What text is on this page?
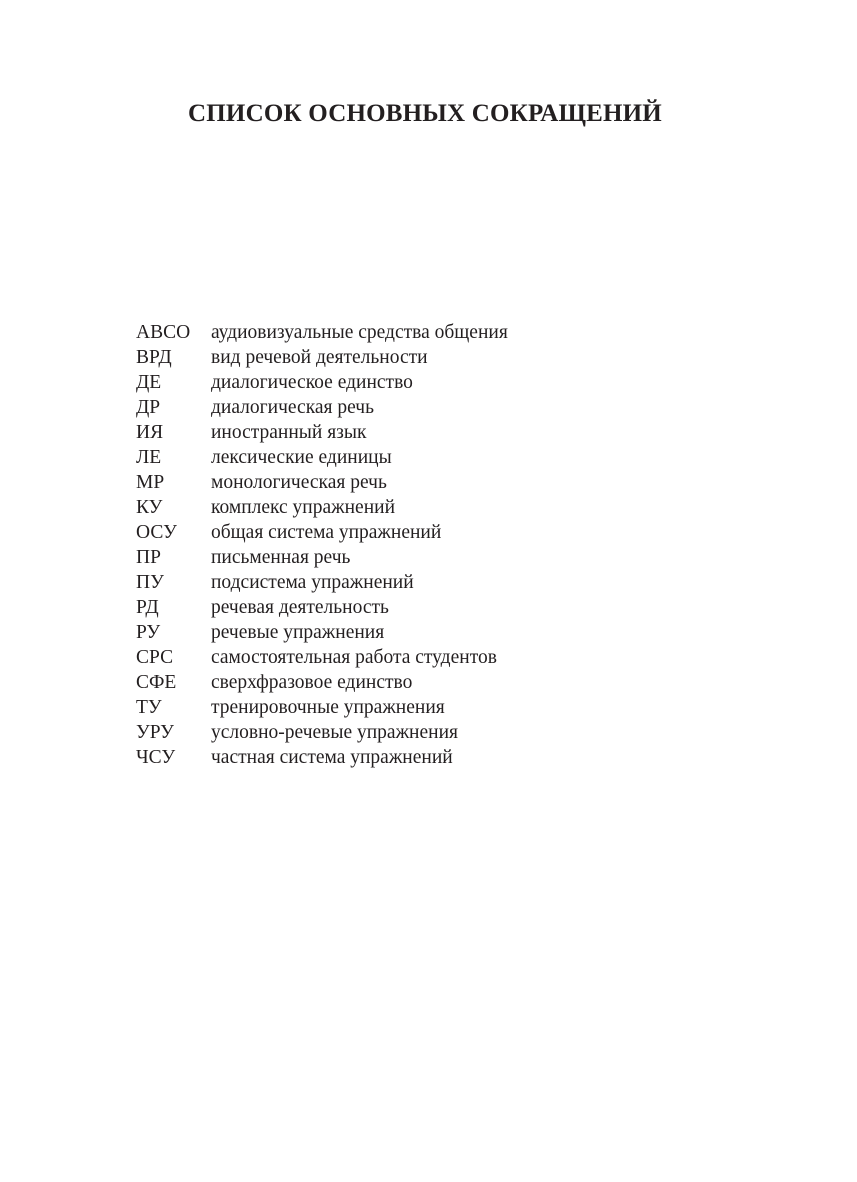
СПИСОК ОСНОВНЫХ СОКРАЩЕНИЙ
АВСО	аудиовизуальные средства общения
ВРД	вид речевой деятельности
ДЕ	диалогическое единство
ДР	диалогическая речь
ИЯ	иностранный язык
ЛЕ	лексические единицы
МР	монологическая речь
КУ	комплекс упражнений
ОСУ	общая система упражнений
ПР	письменная речь
ПУ	подсистема упражнений
РД	речевая деятельность
РУ	речевые упражнения
СРС	самостоятельная работа студентов
СФЕ	сверхфразовое единство
ТУ	тренировочные упражнения
УРУ	условно-речевые упражнения
ЧСУ	частная система упражнений
